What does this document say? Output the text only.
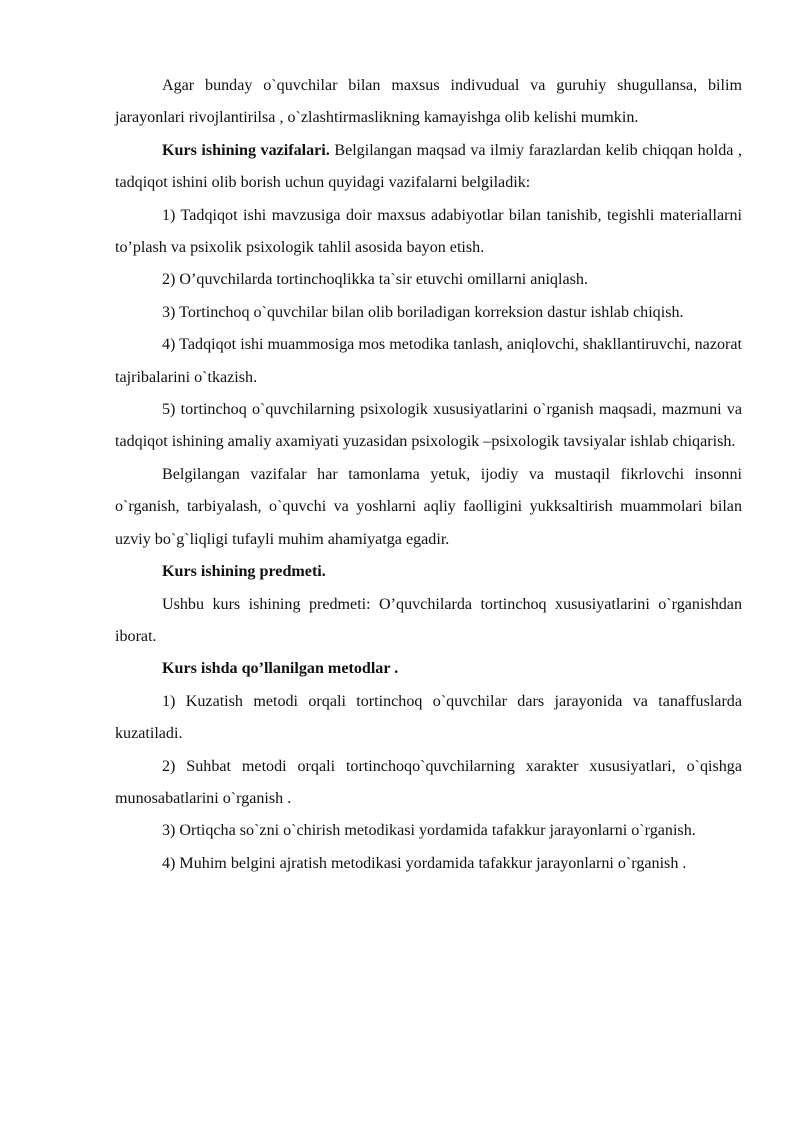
Agar bunday o`quvchilar bilan maxsus indivudual va guruhiy shugullansa, bilim jarayonlari rivojlantirilsa , o`zlashtirmaslikning kamayishga olib kelishi mumkin.

Kurs ishining vazifalari. Belgilangan maqsad va ilmiy farazlardan kelib chiqqan holda , tadqiqot ishini olib borish uchun quyidagi vazifalarni belgiladik:

1) Tadqiqot ishi mavzusiga doir maxsus adabiyotlar bilan tanishib, tegishli materiallarni to’plash va psixolik psixologik tahlil asosida bayon etish.

2) O’quvchilarda tortinchoqlikka ta`sir etuvchi omillarni aniqlash.

3) Tortinchoq o`quvchilar bilan olib boriladigan korreksion dastur ishlab chiqish.

4) Tadqiqot ishi muammosiga mos metodika tanlash, aniqlovchi, shakllantiruvchi, nazorat tajribalarini o`tkazish.

5) tortinchoq o`quvchilarning psixologik xususiyatlarini o`rganish maqsadi, mazmuni va tadqiqot ishining amaliy axamiyati yuzasidan psixologik –psixologik tavsiyalar ishlab chiqarish.

Belgilangan vazifalar har tamonlama yetuk, ijodiy va mustaqil fikrlovchi insonni o`rganish, tarbiyalash, o`quvchi va yoshlarni aqliy faolligini yukksaltirish muammolari bilan uzviy bo`g`liqligi tufayli muhim ahamiyatga egadir.

Kurs ishining predmeti.

Ushbu kurs ishining predmeti: O’quvchilarda tortinchoq xususiyatlarini o`rganishdan iborat.

Kurs ishda qo’llanilgan metodlar .

1) Kuzatish metodi orqali tortinchoq o`quvchilar dars jarayonida va tanaffuslarda kuzatiladi.

2) Suhbat metodi orqali tortinchoqo`quvchilarning xarakter xususiyatlari, o`qishga munosabatlarini o`rganish .

3) Ortiqcha so`zni o`chirish metodikasi yordamida tafakkur jarayonlarni o`rganish.

4) Muhim belgini ajratish metodikasi yordamida tafakkur jarayonlarni o`rganish .
